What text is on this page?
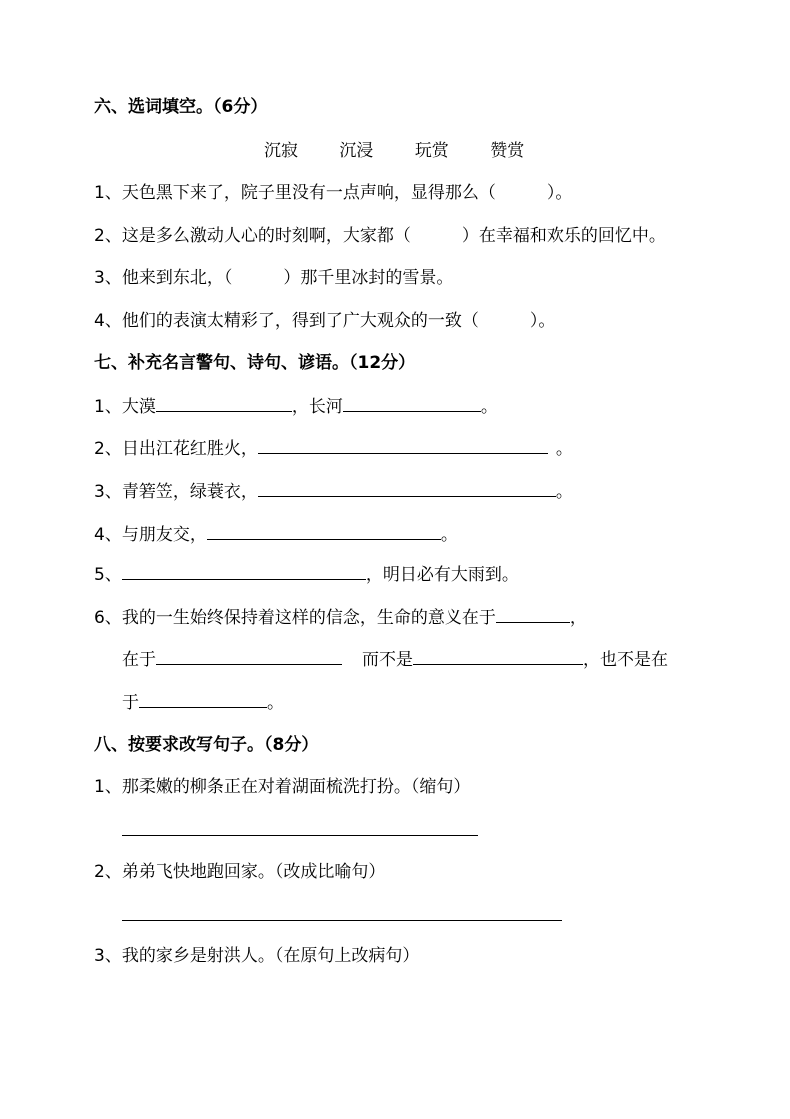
六、选词填空。（6分）
沉寂 沉浸 玩赏 赞赏
1、天色黑下来了，院子里没有一点声响，显得那么（　　　）。
2、这是多么激动人心的时刻啊，大家都（　　　）在幸福和欢乐的回忆中。
3、他来到东北，（　　　）那千里冰封的雪景。
4、他们的表演太精彩了，得到了广大观众的一致（　　　）。
七、补充名言警句、诗句、谚语。（12分）
1、大漠	，长河	。
2、日出江花红胜火，	。
3、青箬笠，绿蓑衣，	。
4、与朋友交，	。
5、	，明日必有大雨到。
6、我的一生始终保持着这样的信念，生命的意义在于	，
在于	而不是	，也不是在
于	。
八、按要求改写句子。（8分）
1、那柔嫩的柳条正在对着湖面梳洗打扮。（缩句）
2、弟弟飞快地跑回家。（改成比喻句）
3、我的家乡是射洪人。（在原句上改病句）
